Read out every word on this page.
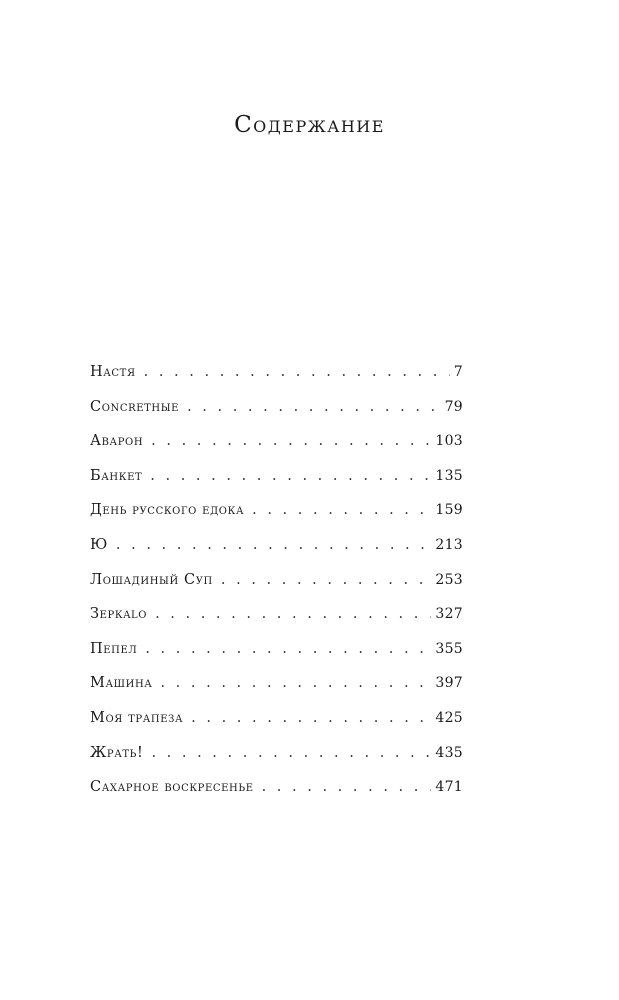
Содержание
Настя . . .	7
Concretные . . .	79
Аварон . . .	103
Банкет . . .	135
День русского едока . . .	159
Ю . . .	213
Лошадиный Суп . . .	253
Зеркalo . . .	327
Пепел . . .	355
Машина . . .	397
Моя трапеза . . .	425
Жрать! . . .	435
Сахарное воскресенье . . .	471
